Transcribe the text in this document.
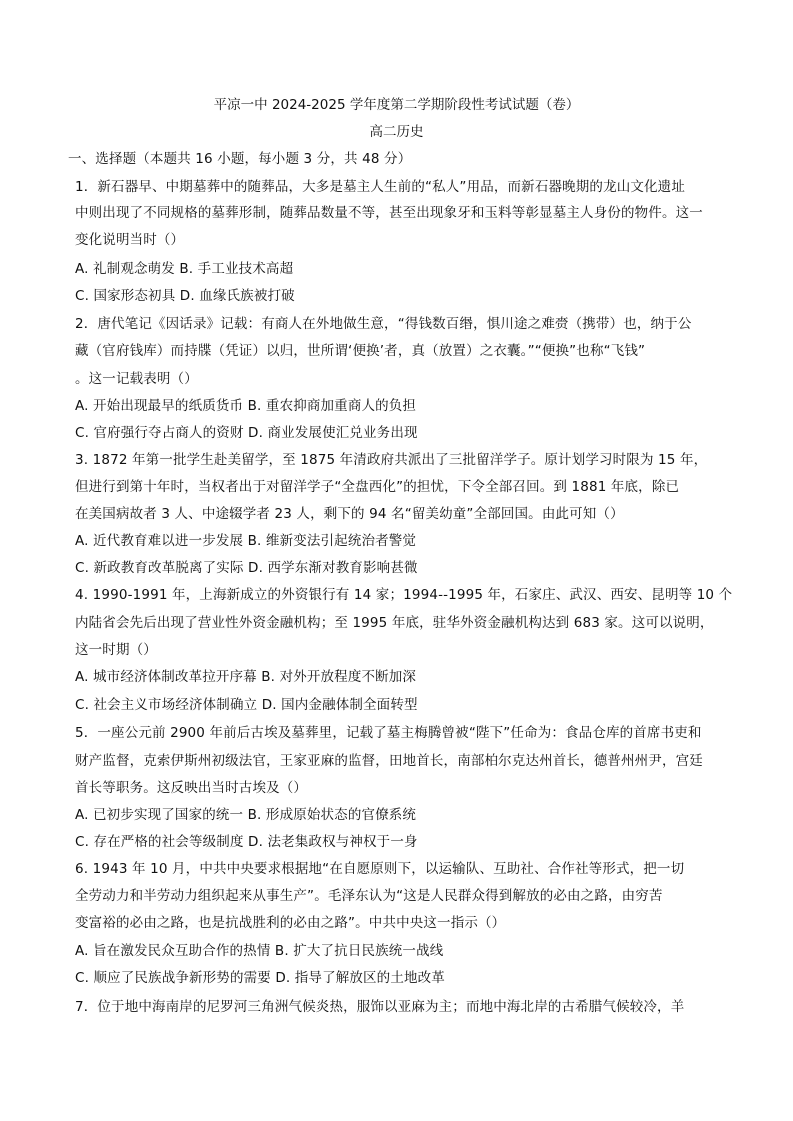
平凉一中 2024-2025 学年度第二学期阶段性考试试题（卷）
高二历史
一、选择题（本题共 16 小题，每小题 3 分，共 48 分）
1．新石器早、中期墓葬中的随葬品，大多是墓主人生前的“私人”用品，而新石器晚期的龙山文化遗址
中则出现了不同规格的墓葬形制，随葬品数量不等，甚至出现象牙和玉料等彰显墓主人身份的物件。这一
变化说明当时（）
A. 礼制观念萌发 B. 手工业技术高超
C. 国家形态初具 D. 血缘氏族被打破
2．唐代笔记《因话录》记载：有商人在外地做生意，“得钱数百缗，惧川途之难赍（携带）也，纳于公
藏（官府钱库）而持牒（凭证）以归，世所谓‘便换’者，真（放置）之衣囊。”“便换”也称“飞钱”
。这一记载表明（）
A. 开始出现最早的纸质货币 B. 重农抑商加重商人的负担
C. 官府强行夺占商人的资财 D. 商业发展使汇兑业务出现
3. 1872 年第一批学生赴美留学，至 1875 年清政府共派出了三批留洋学子。原计划学习时限为 15 年，
但进行到第十年时，当权者出于对留洋学子“全盘西化”的担忧，下令全部召回。到 1881 年底，除已
在美国病故者 3 人、中途辍学者 23 人，剩下的 94 名“留美幼童”全部回国。由此可知（）
A. 近代教育难以进一步发展 B. 维新变法引起统治者警觉
C. 新政教育改革脱离了实际 D. 西学东渐对教育影响甚微
4. 1990-1991 年，上海新成立的外资银行有 14 家；1994--1995 年，石家庄、武汉、西安、昆明等 10 个
内陆省会先后出现了营业性外资金融机构；至 1995 年底，驻华外资金融机构达到 683 家。这可以说明，
这一时期（）
A. 城市经济体制改革拉开序幕 B. 对外开放程度不断加深
C. 社会主义市场经济体制确立 D. 国内金融体制全面转型
5．一座公元前 2900 年前后古埃及墓葬里，记载了墓主梅腾曾被“陛下”任命为：食品仓库的首席书吏和
财产监督，克索伊斯州初级法官，王家亚麻的监督，田地首长，南部柏尔克达州首长，德普州州尹，宫廷
首长等职务。这反映出当时古埃及（）
A. 已初步实现了国家的统一 B. 形成原始状态的官僚系统
C. 存在严格的社会等级制度 D. 法老集政权与神权于一身
6. 1943 年 10 月，中共中央要求根据地“在自愿原则下，以运输队、互助社、合作社等形式，把一切
全劳动力和半劳动力组织起来从事生产”。毛泽东认为“这是人民群众得到解放的必由之路，由穷苦
变富裕的必由之路，也是抗战胜利的必由之路”。中共中央这一指示（）
A. 旨在激发民众互助合作的热情 B. 扩大了抗日民族统一战线
C. 顺应了民族战争新形势的需要 D. 指导了解放区的土地改革
7．位于地中海南岸的尼罗河三角洲气候炎热，服饰以亚麻为主；而地中海北岸的古希腊气候较冷，羊
